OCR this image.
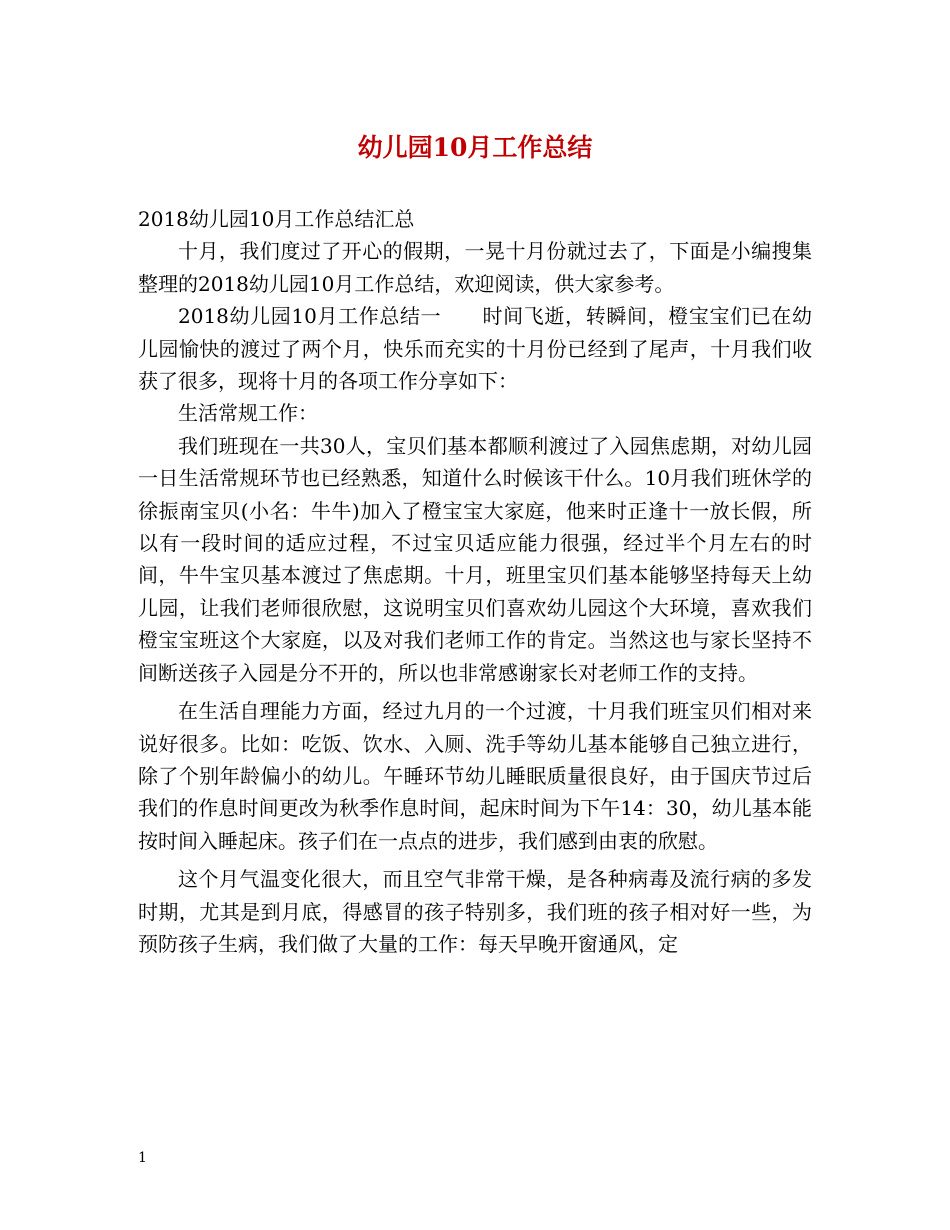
幼儿园10月工作总结

2018幼儿园10月工作总结汇总

十月，我们度过了开心的假期，一晃十月份就过去了，下面是小编搜集整理的2018幼儿园10月工作总结，欢迎阅读，供大家参考。

2018幼儿园10月工作总结一　　时间飞逝，转瞬间，橙宝宝们已在幼儿园愉快的渡过了两个月，快乐而充实的十月份已经到了尾声，十月我们收获了很多，现将十月的各项工作分享如下：

生活常规工作：

我们班现在一共30人，宝贝们基本都顺利渡过了入园焦虑期，对幼儿园一日生活常规环节也已经熟悉，知道什么时候该干什么。10月我们班休学的徐振南宝贝(小名：牛牛)加入了橙宝宝大家庭，他来时正逢十一放长假，所以有一段时间的适应过程，不过宝贝适应能力很强，经过半个月左右的时间，牛牛宝贝基本渡过了焦虑期。十月，班里宝贝们基本能够坚持每天上幼儿园，让我们老师很欣慰，这说明宝贝们喜欢幼儿园这个大环境，喜欢我们橙宝宝班这个大家庭，以及对我们老师工作的肯定。当然这也与家长坚持不间断送孩子入园是分不开的，所以也非常感谢家长对老师工作的支持。

在生活自理能力方面，经过九月的一个过渡，十月我们班宝贝们相对来说好很多。比如：吃饭、饮水、入厕、洗手等幼儿基本能够自己独立进行，除了个别年龄偏小的幼儿。午睡环节幼儿睡眠质量很良好，由于国庆节过后我们的作息时间更改为秋季作息时间，起床时间为下午14：30，幼儿基本能按时间入睡起床。孩子们在一点点的进步，我们感到由衷的欣慰。

这个月气温变化很大，而且空气非常干燥，是各种病毒及流行病的多发时期，尤其是到月底，得感冒的孩子特别多，我们班的孩子相对好一些，为预防孩子生病，我们做了大量的工作：每天早晚开窗通风，定

1
